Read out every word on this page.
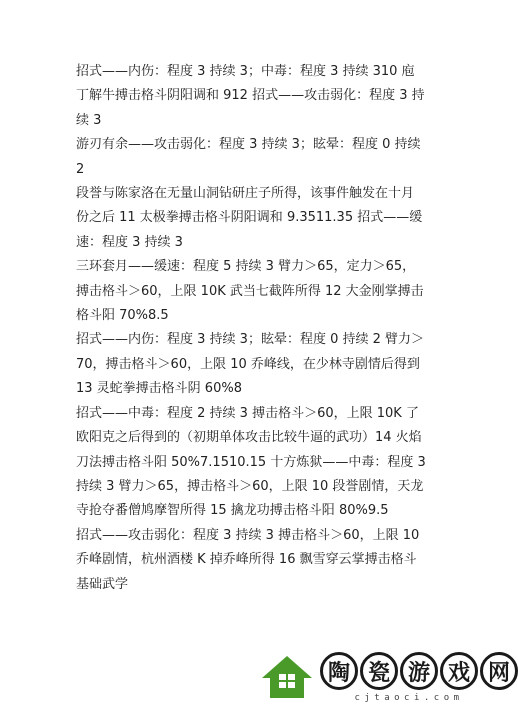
招式——内伤：程度 3 持续 3；中毒：程度 3 持续 310 庖丁解牛搏击格斗阴阳调和 912 招式——攻击弱化：程度 3 持续 3

游刃有余——攻击弱化：程度 3 持续 3；眩晕：程度 0 持续 2

段誉与陈家洛在无量山洞钻研庄子所得，该事件触发在十月份之后 11 太极拳搏击格斗阴阳调和 9.3511.35 招式——缓速：程度 3 持续 3

三环套月——缓速：程度 5 持续 3 臂力＞65，定力＞65，搏击格斗＞60，上限 10K 武当七截阵所得 12 大金刚掌搏击格斗阳 70%8.5

招式——内伤：程度 3 持续 3；眩晕：程度 0 持续 2 臂力＞70，搏击格斗＞60，上限 10 乔峰线，在少林寺剧情后得到 13 灵蛇拳搏击格斗阴 60%8

招式——中毒：程度 2 持续 3 搏击格斗＞60，上限 10K 了欧阳克之后得到的（初期单体攻击比较牛逼的武功）14 火焰刀法搏击格斗阳 50%7.1510.15 十方炼狱——中毒：程度 3 持续 3 臂力＞65，搏击格斗＞60，上限 10 段誉剧情，天龙寺抢夺番僧鸠摩智所得 15 擒龙功搏击格斗阳 80%9.5

招式——攻击弱化：程度 3 持续 3 搏击格斗＞60，上限 10 乔峰剧情，杭州酒楼 K 掉乔峰所得 16 飘雪穿云掌搏击格斗基础武学

陶 瓷 游 戏 网
cjtaoci.com
